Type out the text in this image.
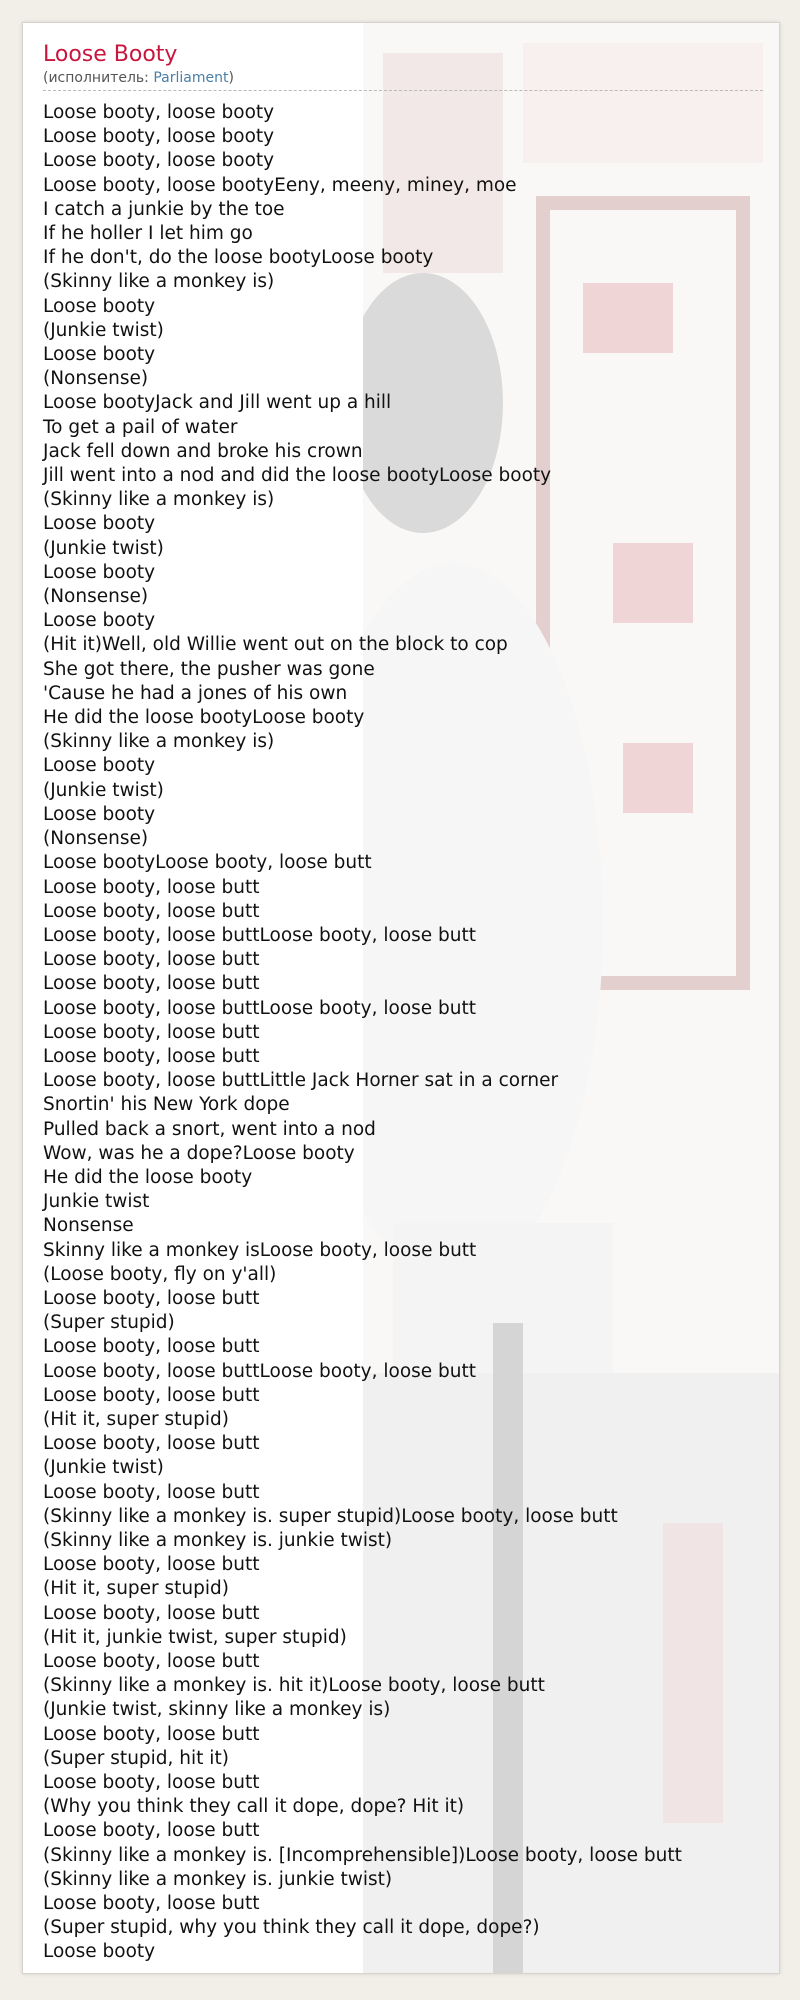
Loose Booty
(исполнитель: Parliament)
Loose booty, loose booty
Loose booty, loose booty
Loose booty, loose booty
Loose booty, loose bootyEeny, meeny, miney, moe
I catch a junkie by the toe
If he holler I let him go
If he don't, do the loose bootyLoose booty
(Skinny like a monkey is)
Loose booty
(Junkie twist)
Loose booty
(Nonsense)
Loose bootyJack and Jill went up a hill
To get a pail of water
Jack fell down and broke his crown
Jill went into a nod and did the loose bootyLoose booty
(Skinny like a monkey is)
Loose booty
(Junkie twist)
Loose booty
(Nonsense)
Loose booty
(Hit it)Well, old Willie went out on the block to cop
She got there, the pusher was gone
'Cause he had a jones of his own
He did the loose bootyLoose booty
(Skinny like a monkey is)
Loose booty
(Junkie twist)
Loose booty
(Nonsense)
Loose bootyLoose booty, loose butt
Loose booty, loose butt
Loose booty, loose butt
Loose booty, loose buttLoose booty, loose butt
Loose booty, loose butt
Loose booty, loose butt
Loose booty, loose buttLoose booty, loose butt
Loose booty, loose butt
Loose booty, loose butt
Loose booty, loose buttLittle Jack Horner sat in a corner
Snortin' his New York dope
Pulled back a snort, went into a nod
Wow, was he a dope?Loose booty
He did the loose booty
Junkie twist
Nonsense
Skinny like a monkey isLoose booty, loose butt
(Loose booty, fly on y'all)
Loose booty, loose butt
(Super stupid)
Loose booty, loose butt
Loose booty, loose buttLoose booty, loose butt
Loose booty, loose butt
(Hit it, super stupid)
Loose booty, loose butt
(Junkie twist)
Loose booty, loose butt
(Skinny like a monkey is. super stupid)Loose booty, loose butt
(Skinny like a monkey is. junkie twist)
Loose booty, loose butt
(Hit it, super stupid)
Loose booty, loose butt
(Hit it, junkie twist, super stupid)
Loose booty, loose butt
(Skinny like a monkey is. hit it)Loose booty, loose butt
(Junkie twist, skinny like a monkey is)
Loose booty, loose butt
(Super stupid, hit it)
Loose booty, loose butt
(Why you think they call it dope, dope? Hit it)
Loose booty, loose butt
(Skinny like a monkey is. [Incomprehensible])Loose booty, loose butt
(Skinny like a monkey is. junkie twist)
Loose booty, loose butt
(Super stupid, why you think they call it dope, dope?)
Loose booty
